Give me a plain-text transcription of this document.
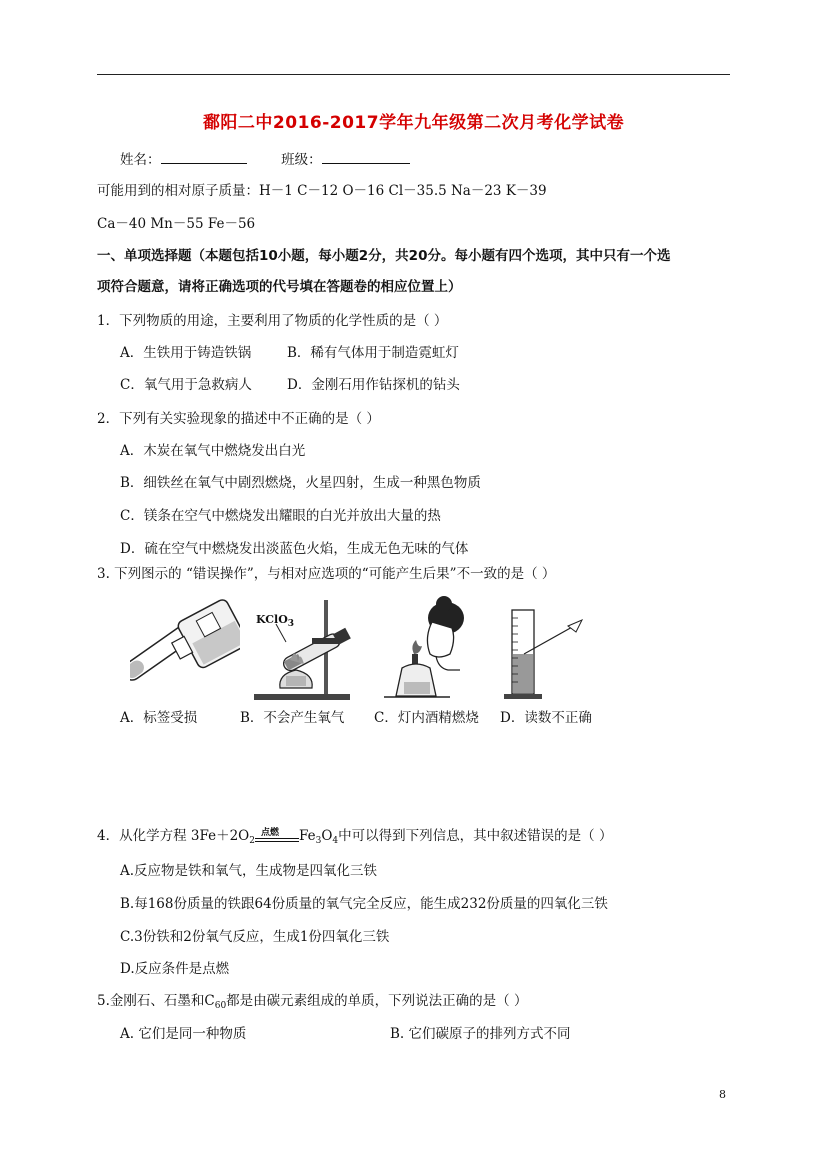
鄱阳二中2016-2017学年九年级第二次月考化学试卷
姓名：	班级：
可能用到的相对原子质量：H－1 C－12 O－16 Cl－35.5 Na－23 K－39
Ca－40 Mn－55 Fe－56
一、单项选择题（本题包括10小题，每小题2分，共20分。每小题有四个选项，其中只有一个选
项符合题意，请将正确选项的代号填在答题卷的相应位置上）
1．下列物质的用途，主要利用了物质的化学性质的是（ ）
A．生铁用于铸造铁锅	B．稀有气体用于制造霓虹灯
C．氧气用于急救病人	D．金刚石用作钻探机的钻头
2．下列有关实验现象的描述中不正确的是（ ）
A．木炭在氧气中燃烧发出白光
B．细铁丝在氧气中剧烈燃烧，火星四射，生成一种黑色物质
C．镁条在空气中燃烧发出耀眼的白光并放出大量的热
D．硫在空气中燃烧发出淡蓝色火焰，生成无色无味的气体
3. 下列图示的 “错误操作”，与相对应选项的“可能产生后果”不一致的是（ ）
KClO$_3$
A．标签受损	B．不会产生氧气 C．灯内酒精燃烧 D．读数不正确
4．从化学方程 $3Fe+2O_2$
点燃 $Fe_3O_4$中可以得到下列信息，其中叙述错误的是（ ）
A.反应物是铁和氧气，生成物是四氧化三铁
B.每168份质量的铁跟64份质量的氧气完全反应，能生成232份质量的四氧化三铁
C.3份铁和2份氧气反应，生成1份四氧化三铁
D.反应条件是点燃
5.金刚石、石墨和$C_{60}$都是由碳元素组成的单质，下列说法正确的是（ ）
A. 它们是同一种物质	B. 它们碳原子的排列方式不同
8
